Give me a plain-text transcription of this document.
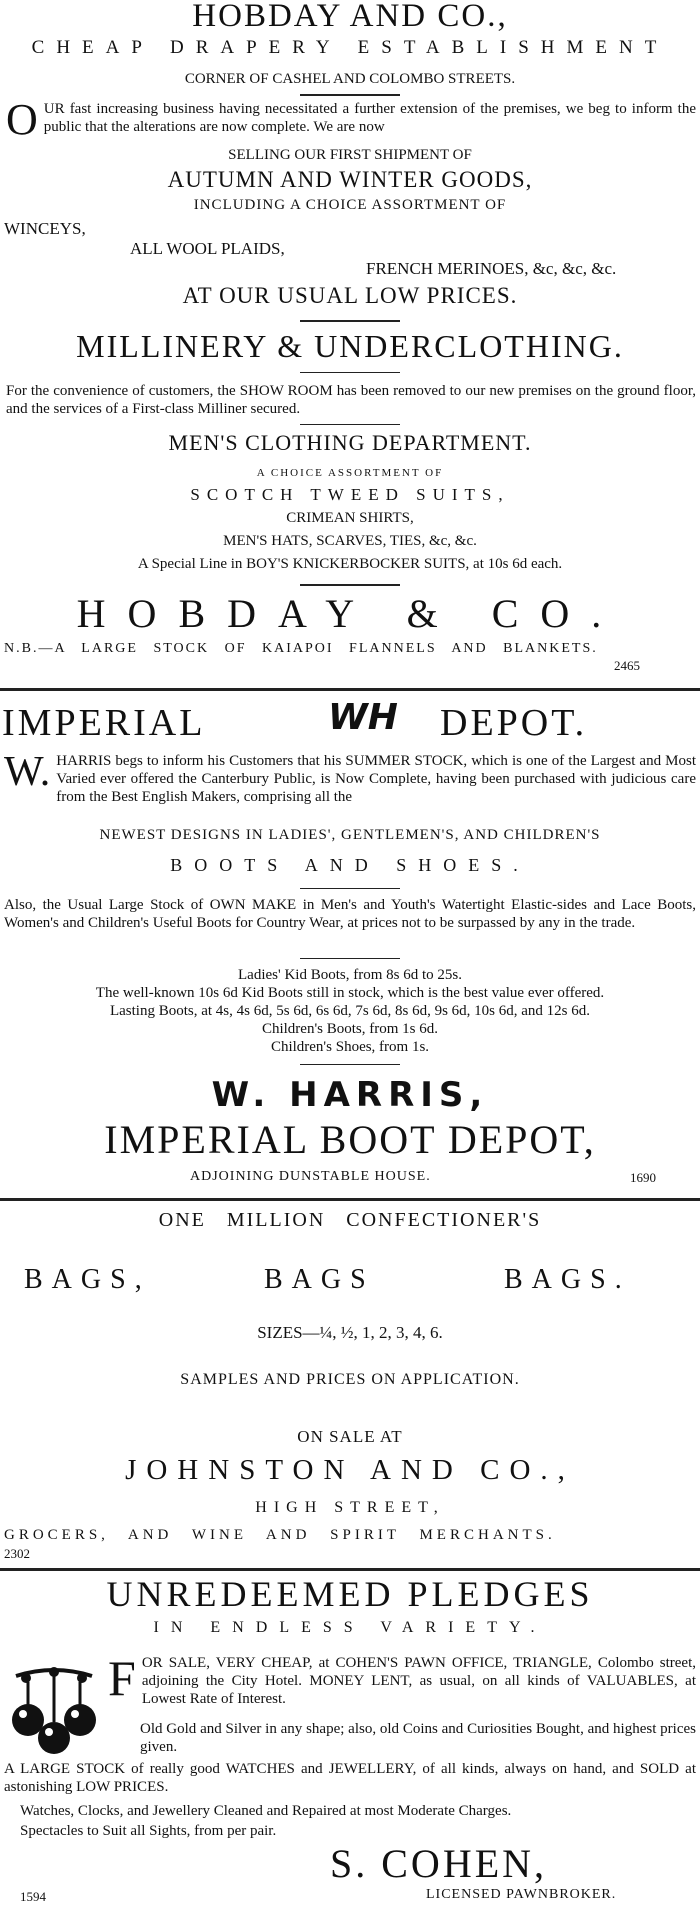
HOBDAY AND CO.,
CHEAP DRAPERY ESTABLISHMENT
CORNER OF CASHEL AND COLOMBO STREETS.
O UR fast increasing business having necessitated a further extension of the premises, we beg to inform the public that the alterations are now complete. We are now

SELLING OUR FIRST SHIPMENT OF
AUTUMN AND WINTER GOODS,
INCLUDING A CHOICE ASSORTMENT OF
WINCEYS,
ALL WOOL PLAIDS,
FRENCH MERINOES, &c, &c, &c.
AT OUR USUAL LOW PRICES.
MILLINERY & UNDERCLOTHING.
For the convenience of customers, the SHOW ROOM has been removed to our new premises on the ground floor, and the services of a First-class Milliner secured.
MEN'S CLOTHING DEPARTMENT.
A CHOICE ASSORTMENT OF
SCOTCH TWEED SUITS,
CRIMEAN SHIRTS,
MEN'S HATS, SCARVES, TIES, &c, &c.
A Special Line in BOY'S KNICKERBOCKER SUITS, at 10s 6d each.
HOBDAY & CO.
N.B.—A LARGE STOCK OF KAIAPOI FLANNELS AND BLANKETS.
2465
IMPERIAL	WH DEPOT.
W. HARRIS begs to inform his Customers that his SUMMER STOCK, which is one of the Largest and Most Varied ever offered the Canterbury Public, is Now Complete, having been purchased with judicious care from the Best English Makers, comprising all the

NEWEST DESIGNS IN LADIES', GENTLEMEN'S, AND CHILDREN'S
BOOTS AND SHOES.
Also, the Usual Large Stock of OWN MAKE in Men's and Youth's Watertight Elastic-sides and Lace Boots, Women's and Children's Useful Boots for Country Wear, at prices not to be surpassed by any in the trade.
Ladies' Kid Boots, from 8s 6d to 25s.
The well-known 10s 6d Kid Boots still in stock, which is the best value ever offered.
Lasting Boots, at 4s, 4s 6d, 5s 6d, 6s 6d, 7s 6d, 8s 6d, 9s 6d, 10s 6d, and 12s 6d.
Children's Boots, from 1s 6d.
Children's Shoes, from 1s.
W. HARRIS,
IMPERIAL BOOT DEPOT,
ADJOINING DUNSTABLE HOUSE.	1690
ONE MILLION CONFECTIONER'S
BAGS,	BAGS	BAGS.
SIZES—¼, ½, 1, 2, 3, 4, 6.
SAMPLES AND PRICES ON APPLICATION.
ON SALE AT
JOHNSTON AND CO.,
HIGH STREET,
GROCERS, AND WINE AND SPIRIT MERCHANTS.
2302
UNREDEEMED PLEDGES
IN ENDLESS VARIETY.
F OR SALE, VERY CHEAP, at COHEN'S PAWN OFFICE, TRIANGLE, Colombo street, adjoining the City Hotel. MONEY LENT, as usual, on all kinds of VALUABLES, at Lowest Rate of Interest.

Old Gold and Silver in any shape; also, old Coins and Curiosities Bought, and highest prices given.
A LARGE STOCK of really good WATCHES and JEWELLERY, of all kinds, always on hand, and SOLD at astonishing LOW PRICES.
Watches, Clocks, and Jewellery Cleaned and Repaired at most Moderate Charges.
Spectacles to Suit all Sights, from per pair.
S. COHEN,
1594	LICENSED PAWNBROKER.
